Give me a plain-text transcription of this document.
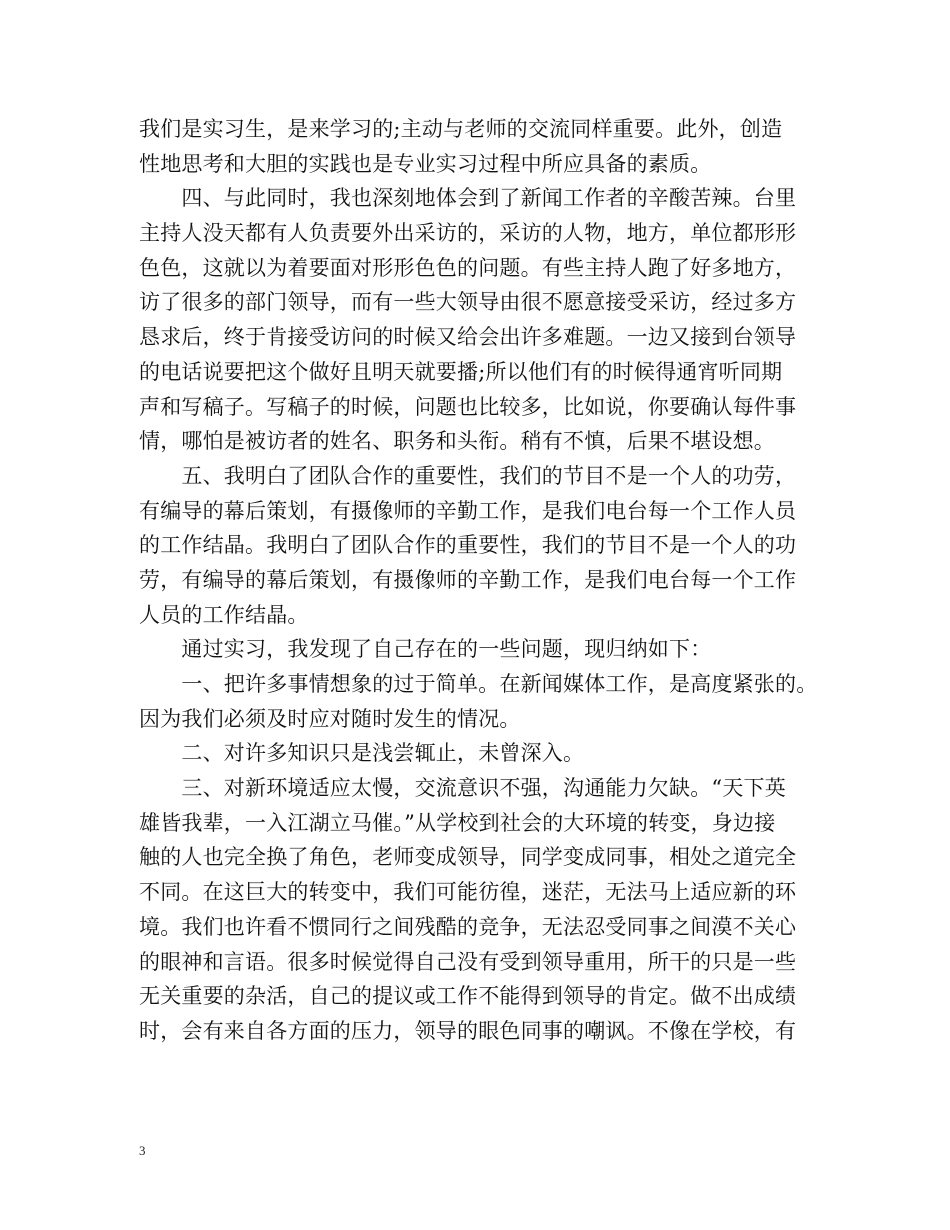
我们是实习生，是来学习的;主动与老师的交流同样重要。此外，创造
性地思考和大胆的实践也是专业实习过程中所应具备的素质。
　　四、与此同时，我也深刻地体会到了新闻工作者的辛酸苦辣。台里
主持人没天都有人负责要外出采访的，采访的人物，地方，单位都形形
色色，这就以为着要面对形形色色的问题。有些主持人跑了好多地方，
访了很多的部门领导，而有一些大领导由很不愿意接受采访，经过多方
恳求后，终于肯接受访问的时候又给会出许多难题。一边又接到台领导
的电话说要把这个做好且明天就要播;所以他们有的时候得通宵听同期
声和写稿子。写稿子的时候，问题也比较多，比如说，你要确认每件事
情，哪怕是被访者的姓名、职务和头衔。稍有不慎，后果不堪设想。
　　五、我明白了团队合作的重要性，我们的节目不是一个人的功劳，
有编导的幕后策划，有摄像师的辛勤工作，是我们电台每一个工作人员
的工作结晶。我明白了团队合作的重要性，我们的节目不是一个人的功
劳，有编导的幕后策划，有摄像师的辛勤工作，是我们电台每一个工作
人员的工作结晶。
　　通过实习，我发现了自己存在的一些问题，现归纳如下：
　　一、把许多事情想象的过于简单。在新闻媒体工作，是高度紧张的。
因为我们必须及时应对随时发生的情况。
　　二、对许多知识只是浅尝辄止，未曾深入。
　　三、对新环境适应太慢，交流意识不强，沟通能力欠缺。“天下英
雄皆我辈，一入江湖立马催。”从学校到社会的大环境的转变，身边接
触的人也完全换了角色，老师变成领导，同学变成同事，相处之道完全
不同。在这巨大的转变中，我们可能彷徨，迷茫，无法马上适应新的环
境。我们也许看不惯同行之间残酷的竞争，无法忍受同事之间漠不关心
的眼神和言语。很多时候觉得自己没有受到领导重用，所干的只是一些
无关重要的杂活，自己的提议或工作不能得到领导的肯定。做不出成绩
时，会有来自各方面的压力，领导的眼色同事的嘲讽。不像在学校，有
3
